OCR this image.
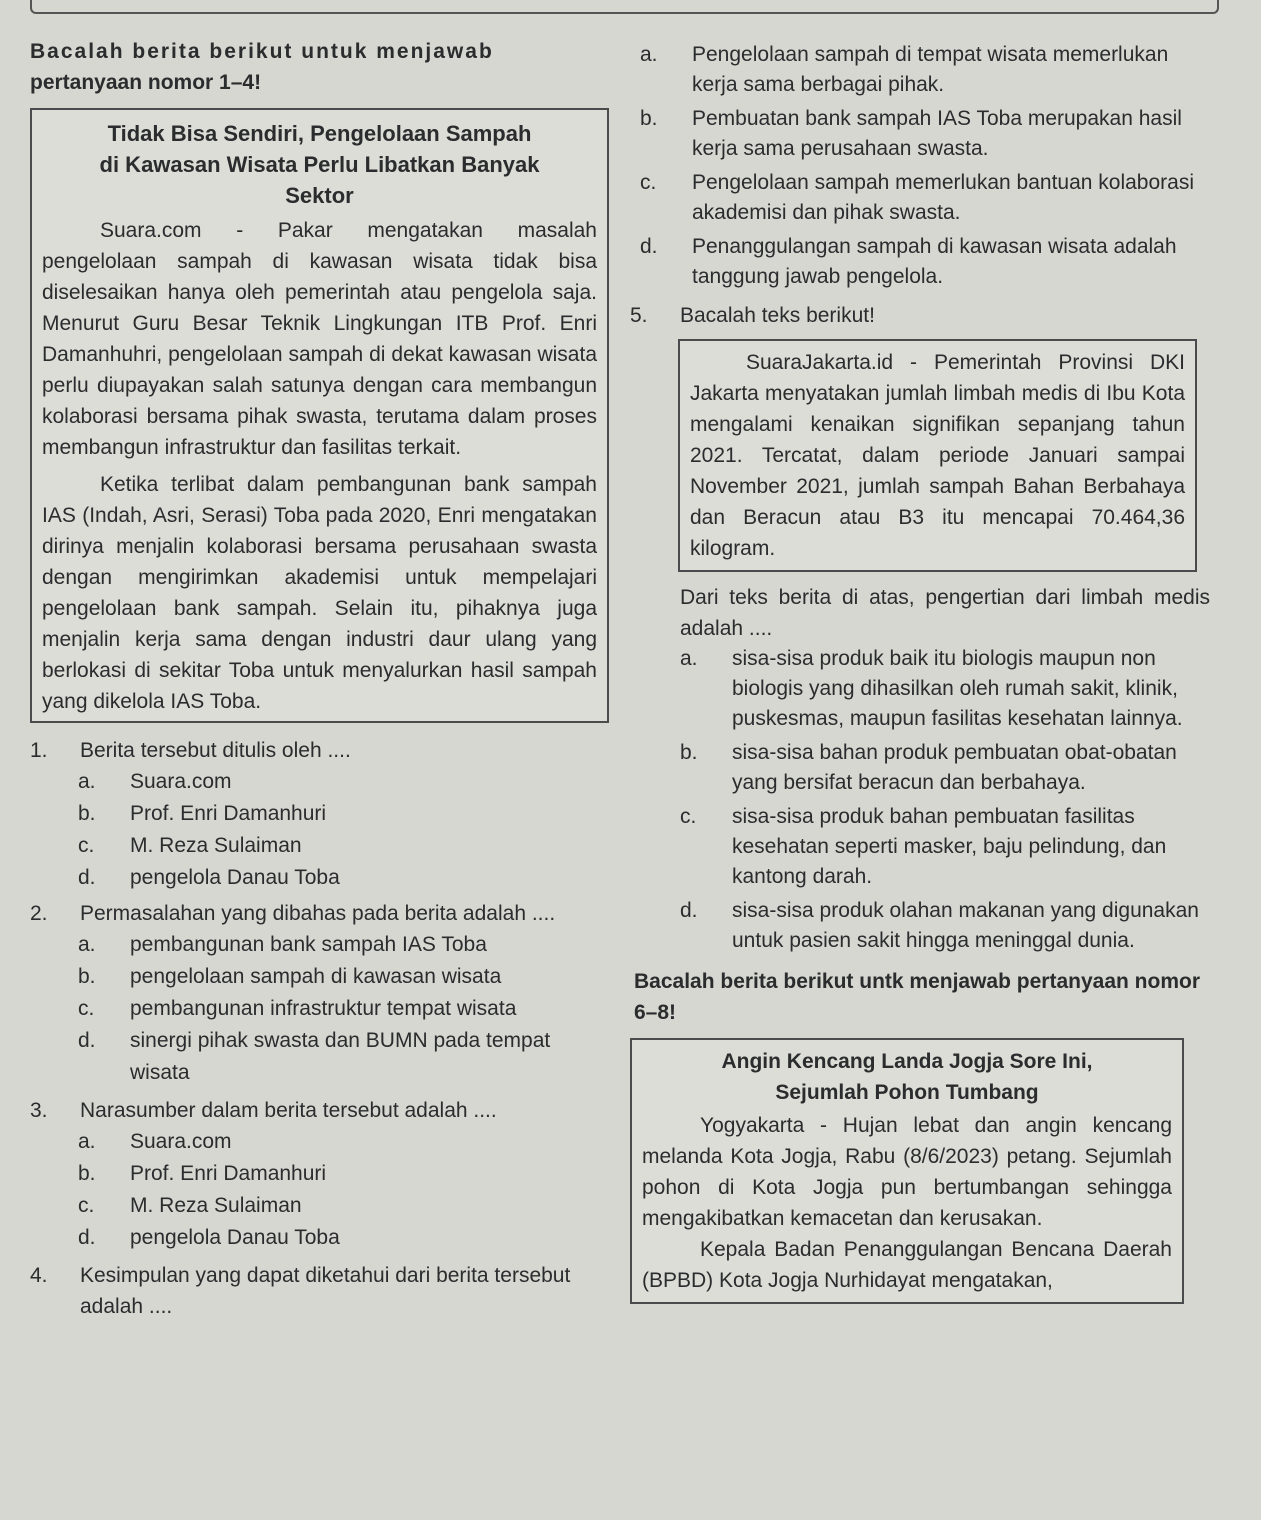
Bacalah berita berikut untuk menjawab
pertanyaan nomor 1–4!

Tidak Bisa Sendiri, Pengelolaan Sampah
di Kawasan Wisata Perlu Libatkan Banyak
Sektor

Suara.com - Pakar mengatakan masalah pengelolaan sampah di kawasan wisata tidak bisa diselesaikan hanya oleh pemerintah atau pengelola saja. Menurut Guru Besar Teknik Lingkungan ITB Prof. Enri Damanhuhri, pengelolaan sampah di dekat kawasan wisata perlu diupayakan salah satunya dengan cara membangun kolaborasi bersama pihak swasta, terutama dalam proses membangun infrastruktur dan fasilitas terkait.

Ketika terlibat dalam pembangunan bank sampah IAS (Indah, Asri, Serasi) Toba pada 2020, Enri mengatakan dirinya menjalin kolaborasi bersama perusahaan swasta dengan mengirimkan akademisi untuk mempelajari pengelolaan bank sampah. Selain itu, pihaknya juga menjalin kerja sama dengan industri daur ulang yang berlokasi di sekitar Toba untuk menyalurkan hasil sampah yang dikelola IAS Toba.

1.	Berita tersebut ditulis oleh ....
a.	Suara.com
b.	Prof. Enri Damanhuri
c.	M. Reza Sulaiman
d.	pengelola Danau Toba
2.	Permasalahan yang dibahas pada berita adalah ....
a.	pembangunan bank sampah IAS Toba
b.	pengelolaan sampah di kawasan wisata
c.	pembangunan infrastruktur tempat wisata
d.	sinergi pihak swasta dan BUMN pada tempat wisata
3.	Narasumber dalam berita tersebut adalah ....
a.	Suara.com
b.	Prof. Enri Damanhuri
c.	M. Reza Sulaiman
d.	pengelola Danau Toba
4.	Kesimpulan yang dapat diketahui dari berita tersebut adalah ....
a.	Pengelolaan sampah di tempat wisata memerlukan kerja sama berbagai pihak.
b.	Pembuatan bank sampah IAS Toba merupakan hasil kerja sama perusahaan swasta.
c.	Pengelolaan sampah memerlukan bantuan kolaborasi akademisi dan pihak swasta.
d.	Penanggulangan sampah di kawasan wisata adalah tanggung jawab pengelola.
5.	Bacalah teks berikut!

SuaraJakarta.id - Pemerintah Provinsi DKI Jakarta menyatakan jumlah limbah medis di Ibu Kota mengalami kenaikan signifikan sepanjang tahun 2021. Tercatat, dalam periode Januari sampai November 2021, jumlah sampah Bahan Berbahaya dan Beracun atau B3 itu mencapai 70.464,36 kilogram.

Dari teks berita di atas, pengertian dari limbah medis adalah ....

a.	sisa-sisa produk baik itu biologis maupun non biologis yang dihasilkan oleh rumah sakit, klinik, puskesmas, maupun fasilitas kesehatan lainnya.
b.	sisa-sisa bahan produk pembuatan obat-obatan yang bersifat beracun dan berbahaya.
c.	sisa-sisa produk bahan pembuatan fasilitas kesehatan seperti masker, baju pelindung, dan kantong darah.
d.	sisa-sisa produk olahan makanan yang digunakan untuk pasien sakit hingga meninggal dunia.

Bacalah berita berikut untk menjawab pertanyaan nomor 6–8!

Angin Kencang Landa Jogja Sore Ini,
Sejumlah Pohon Tumbang

Yogyakarta - Hujan lebat dan angin kencang melanda Kota Jogja, Rabu (8/6/2023) petang. Sejumlah pohon di Kota Jogja pun bertumbangan sehingga mengakibatkan kemacetan dan kerusakan.

Kepala Badan Penanggulangan Bencana Daerah (BPBD) Kota Jogja Nurhidayat mengatakan,
